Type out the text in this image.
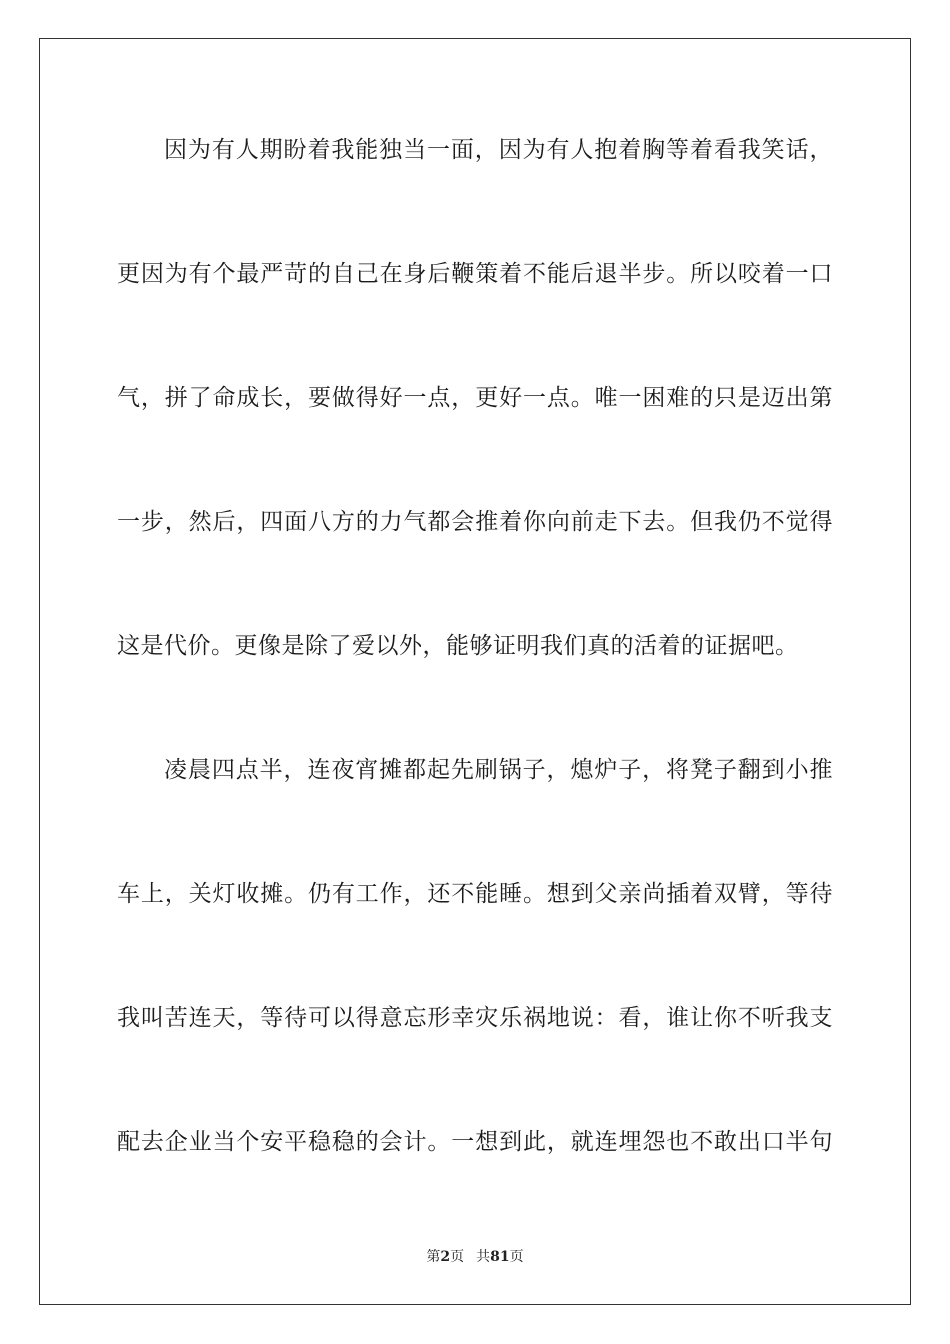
因为有人期盼着我能独当一面，因为有人抱着胸等着看我笑话，
更因为有个最严苛的自己在身后鞭策着不能后退半步。所以咬着一口
气，拼了命成长，要做得好一点，更好一点。唯一困难的只是迈出第
一步，然后，四面八方的力气都会推着你向前走下去。但我仍不觉得
这是代价。更像是除了爱以外，能够证明我们真的活着的证据吧。
凌晨四点半，连夜宵摊都起先刷锅子，熄炉子，将凳子翻到小推
车上，关灯收摊。仍有工作，还不能睡。想到父亲尚插着双臂，等待
我叫苦连天，等待可以得意忘形幸灾乐祸地说：看，谁让你不听我支
配去企业当个安平稳稳的会计。一想到此，就连埋怨也不敢出口半句
第2页 共81页
